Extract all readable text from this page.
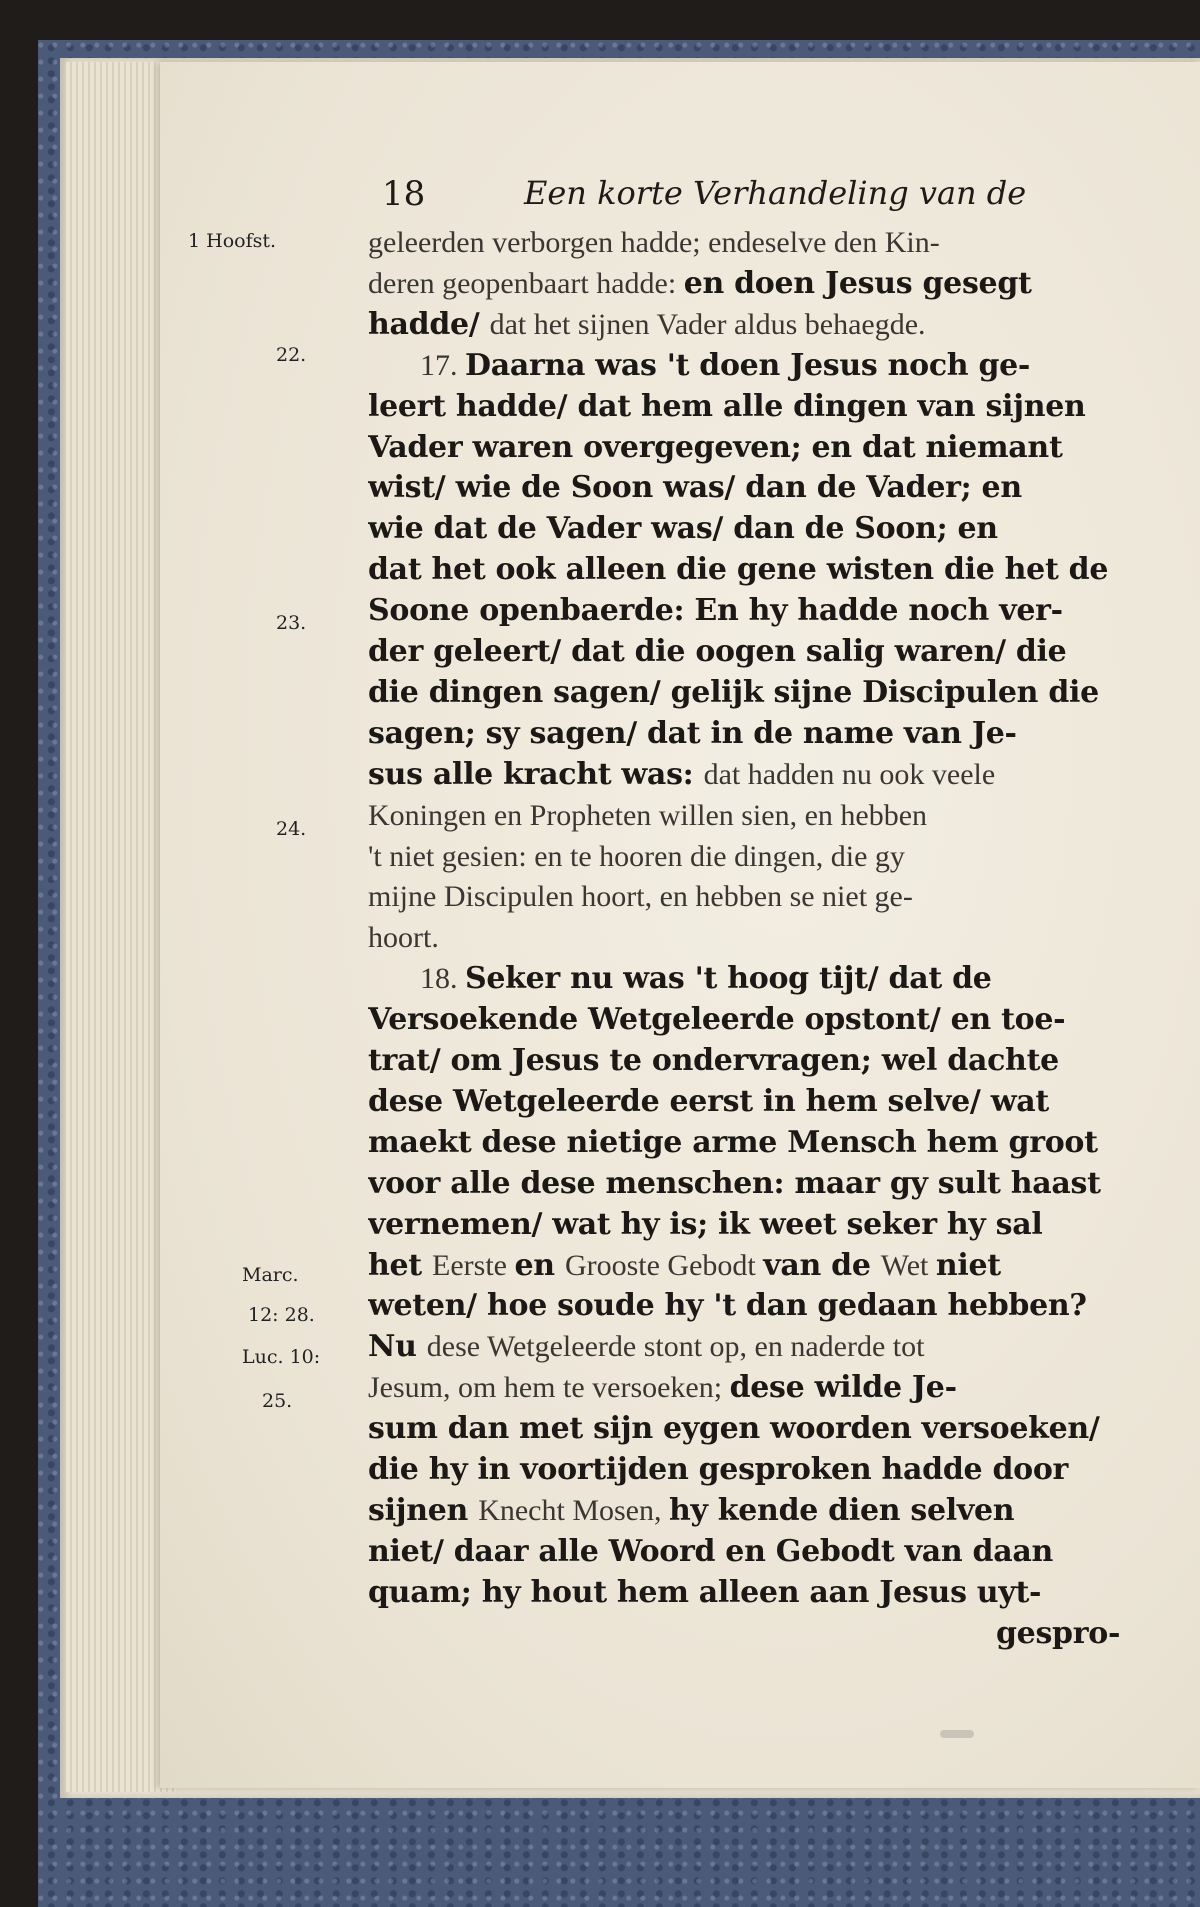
18	Een korte Verhandeling van de
1 Hoofst.
22.
23.
24.
Marc.
12: 28.
Luc. 10:
25.
geleerden verborgen hadde; endeselve den Kin-
deren geopenbaart hadde: en doen Jesus gesegt
hadde/ dat het sijnen Vader aldus behaegde.
17. Daarna was 't doen Jesus noch ge-
leert hadde/ dat hem alle dingen van sijnen
Vader waren overgegeven; en dat niemant
wist/ wie de Soon was/ dan de Vader; en
wie dat de Vader was/ dan de Soon; en
dat het ook alleen die gene wisten die het de
Soone openbaerde: En hy hadde noch ver-
der geleert/ dat die oogen salig waren/ die
die dingen sagen/ gelijk sijne Discipulen die
sagen; sy sagen/ dat in de name van Je-
sus alle kracht was: dat hadden nu ook veele
Koningen en Propheten willen sien, en hebben
't niet gesien: en te hooren die dingen, die gy
mijne Discipulen hoort, en hebben se niet ge-
hoort.
18. Seker nu was 't hoog tijt/ dat de
Versoekende Wetgeleerde opstont/ en toe-
trat/ om Jesus te ondervragen; wel dachte
dese Wetgeleerde eerst in hem selve/ wat
maekt dese nietige arme Mensch hem groot
voor alle dese menschen: maar gy sult haast
vernemen/ wat hy is; ik weet seker hy sal
het Eerste en Grooste Gebodt van de Wet niet
weten/ hoe soude hy 't dan gedaan hebben?
Nu dese Wetgeleerde stont op, en naderde tot
Jesum, om hem te versoeken; dese wilde Je-
sum dan met sijn eygen woorden versoeken/
die hy in voortijden gesproken hadde door
sijnen Knecht Mosen, hy kende dien selven
niet/ daar alle Woord en Gebodt van daan
quam; hy hout hem alleen aan Jesus uyt-
gespro-
